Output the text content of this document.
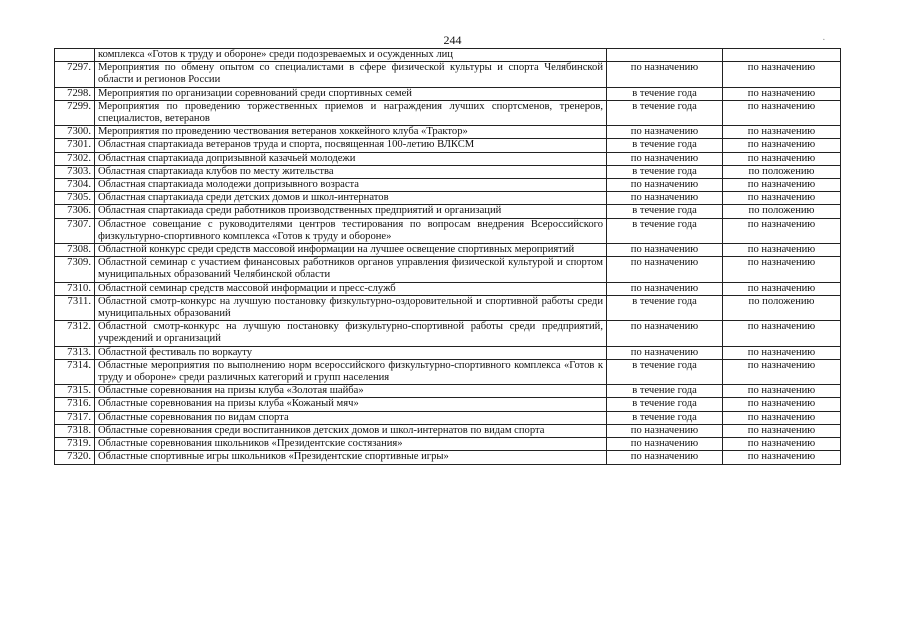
244	·
	комплекса «Готов к труду и обороне» среди подозреваемых и осужденных лиц		
7297.	Мероприятия по обмену опытом со специалистами в сфере физической культуры и спорта Челябинской области и регионов России	по назначению	по назначению
7298.	Мероприятия по организации соревнований среди спортивных семей	в течение года	по назначению
7299.	Мероприятия по проведению торжественных приемов и награждения лучших спортсменов, тренеров, специалистов, ветеранов	в течение года	по назначению
7300.	Мероприятия по проведению чествования ветеранов хоккейного клуба «Трактор»	по назначению	по назначению
7301.	Областная спартакиада ветеранов труда и спорта, посвященная 100-летию ВЛКСМ	в течение года	по назначению
7302.	Областная спартакиада допризывной казачьей молодежи	по назначению	по назначению
7303.	Областная спартакиада клубов по месту жительства	в течение года	по положению
7304.	Областная спартакиада молодежи допризывного возраста	по назначению	по назначению
7305.	Областная спартакиада среди детских домов и школ-интернатов	по назначению	по назначению
7306.	Областная спартакиада среди работников производственных предприятий и организаций	в течение года	по положению
7307.	Областное совещание с руководителями центров тестирования по вопросам внедрения Всероссийского физкультурно-спортивного комплекса «Готов к труду и обороне»	в течение года	по назначению
7308.	Областной конкурс среди средств массовой информации на лучшее освещение спортивных мероприятий	по назначению	по назначению
7309.	Областной семинар с участием финансовых работников органов управления физической культурой и спортом муниципальных образований Челябинской области	по назначению	по назначению
7310.	Областной семинар средств массовой информации и пресс-служб	по назначению	по назначению
7311.	Областной смотр-конкурс на лучшую постановку физкультурно-оздоровительной и спортивной работы среди муниципальных образований	в течение года	по положению
7312.	Областной смотр-конкурс на лучшую постановку физкультурно-спортивной работы среди предприятий, учреждений и организаций	по назначению	по назначению
7313.	Областной фестиваль по воркауту	по назначению	по назначению
7314.	Областные мероприятия по выполнению норм всероссийского физкультурно-спортивного комплекса «Готов к труду и обороне» среди различных категорий и групп населения	в течение года	по назначению
7315.	Областные соревнования на призы клуба «Золотая шайба»	в течение года	по назначению
7316.	Областные соревнования на призы клуба «Кожаный мяч»	в течение года	по назначению
7317.	Областные соревнования по видам спорта	в течение года	по назначению
7318.	Областные соревнования среди воспитанников детских домов и школ-интернатов по видам спорта	по назначению	по назначению
7319.	Областные соревнования школьников «Президентские состязания»	по назначению	по назначению
7320.	Областные спортивные игры школьников «Президентские спортивные игры»	по назначению	по назначению
